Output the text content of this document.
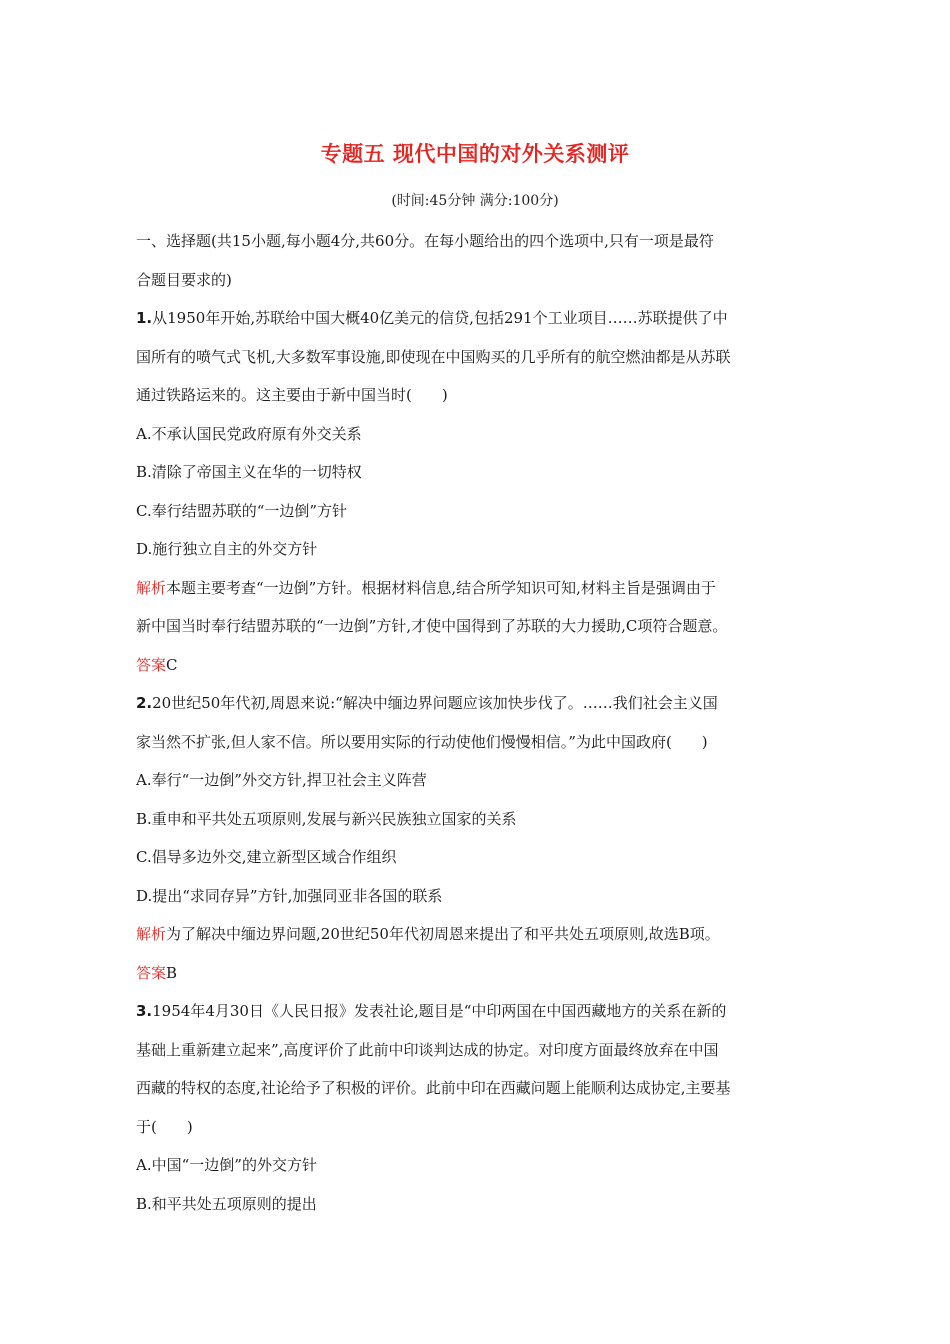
专题五 现代中国的对外关系测评
(时间:45分钟 满分:100分)
一、选择题(共15小题,每小题4分,共60分。在每小题给出的四个选项中,只有一项是最符
合题目要求的)
1.从1950年开始,苏联给中国大概40亿美元的信贷,包括291个工业项目……苏联提供了中
国所有的喷气式飞机,大多数军事设施,即使现在中国购买的几乎所有的航空燃油都是从苏联
通过铁路运来的。这主要由于新中国当时(　　)
A.不承认国民党政府原有外交关系
B.清除了帝国主义在华的一切特权
C.奉行结盟苏联的“一边倒”方针
D.施行独立自主的外交方针
解析本题主要考查“一边倒”方针。根据材料信息,结合所学知识可知,材料主旨是强调由于
新中国当时奉行结盟苏联的“一边倒”方针,才使中国得到了苏联的大力援助,C项符合题意。
答案C
2.20世纪50年代初,周恩来说:“解决中缅边界问题应该加快步伐了。……我们社会主义国
家当然不扩张,但人家不信。所以要用实际的行动使他们慢慢相信。”为此中国政府(　　)
A.奉行“一边倒”外交方针,捍卫社会主义阵营
B.重申和平共处五项原则,发展与新兴民族独立国家的关系
C.倡导多边外交,建立新型区域合作组织
D.提出“求同存异”方针,加强同亚非各国的联系
解析为了解决中缅边界问题,20世纪50年代初周恩来提出了和平共处五项原则,故选B项。
答案B
3.1954年4月30日《人民日报》发表社论,题目是“中印两国在中国西藏地方的关系在新的
基础上重新建立起来”,高度评价了此前中印谈判达成的协定。对印度方面最终放弃在中国
西藏的特权的态度,社论给予了积极的评价。此前中印在西藏问题上能顺利达成协定,主要基
于(　　)
A.中国“一边倒”的外交方针
B.和平共处五项原则的提出
